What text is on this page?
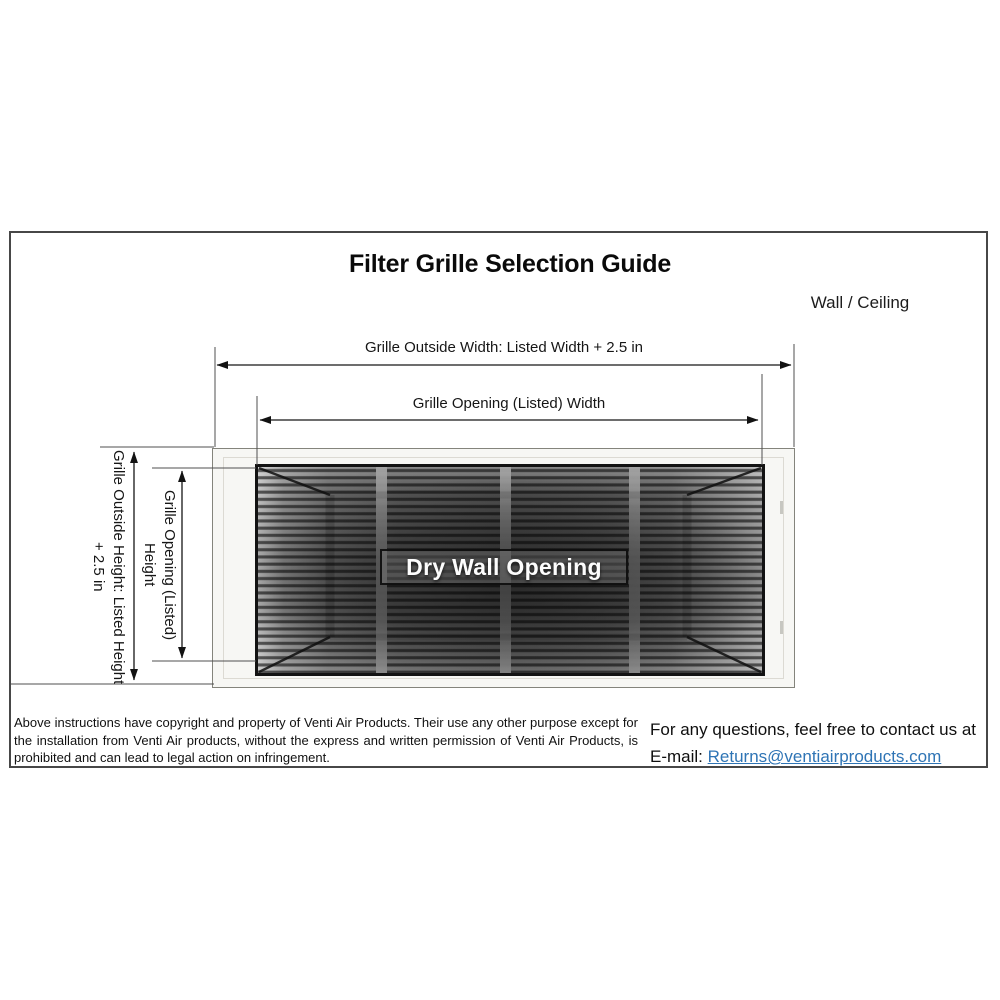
Filter Grille Selection Guide
Wall / Ceiling
Grille Outside Width: Listed Width + 2.5 in
Grille Opening (Listed) Width
Grille Outside Height: Listed Height + 2.5 in	Grille Opening (Listed) Height	Dry Wall Opening
Above instructions have copyright and property of Venti Air Products. Their use any other purpose except for the installation from Venti Air products, without the express and written permission of Venti Air Products, is prohibited and can lead to legal action on infringement.
For any questions, feel free to contact us at
E-mail: Returns@ventiairproducts.com
